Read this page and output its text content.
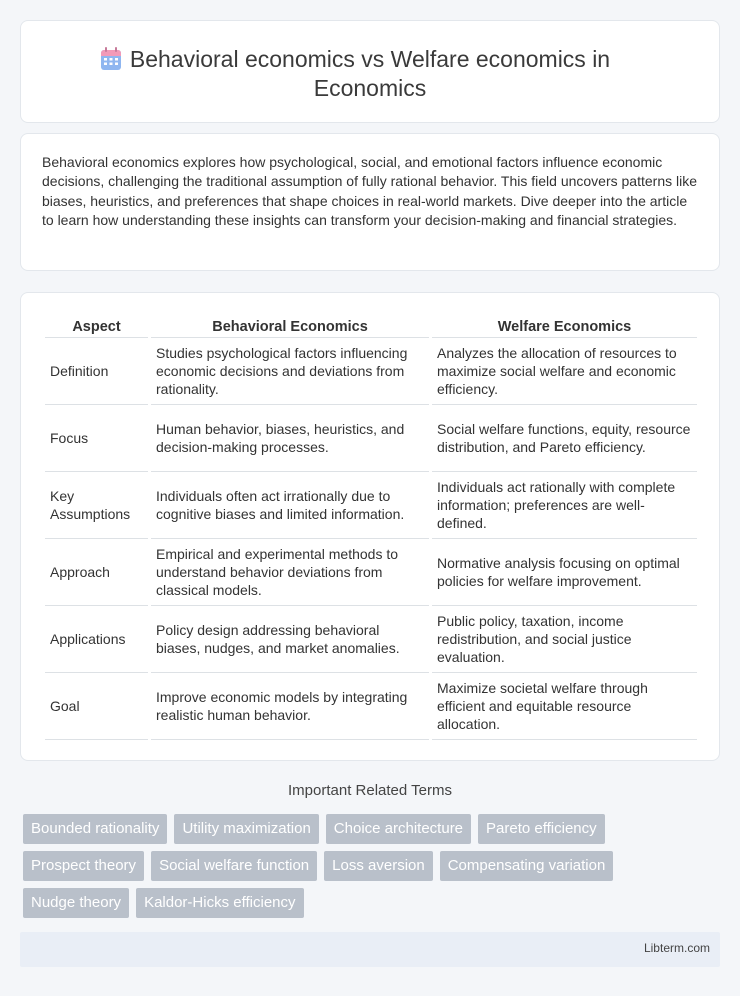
Behavioral economics vs Welfare economics in
Economics

Behavioral economics explores how psychological, social, and emotional factors influence economic decisions, challenging the traditional assumption of fully rational behavior. This field uncovers patterns like biases, heuristics, and preferences that shape choices in real-world markets. Dive deeper into the article to learn how understanding these insights can transform your decision-making and financial strategies.

Aspect	Behavioral Economics	Welfare Economics
Definition	Studies psychological factors influencing economic decisions and deviations from rationality.	Analyzes the allocation of resources to maximize social welfare and economic efficiency.
Focus	Human behavior, biases, heuristics, and decision-making processes.	Social welfare functions, equity, resource distribution, and Pareto efficiency.
Key Assumptions	Individuals often act irrationally due to cognitive biases and limited information.	Individuals act rationally with complete information; preferences are well-defined.
Approach	Empirical and experimental methods to understand behavior deviations from classical models.	Normative analysis focusing on optimal policies for welfare improvement.
Applications	Policy design addressing behavioral biases, nudges, and market anomalies.	Public policy, taxation, income redistribution, and social justice evaluation.
Goal	Improve economic models by integrating realistic human behavior.	Maximize societal welfare through efficient and equitable resource allocation.
Important Related Terms
Bounded rationality Utility maximization Choice architecture Pareto efficiencyProspect theory Social welfare function Loss aversion Compensating variationNudge theory Kaldor-Hicks efficiency
Libterm.com
